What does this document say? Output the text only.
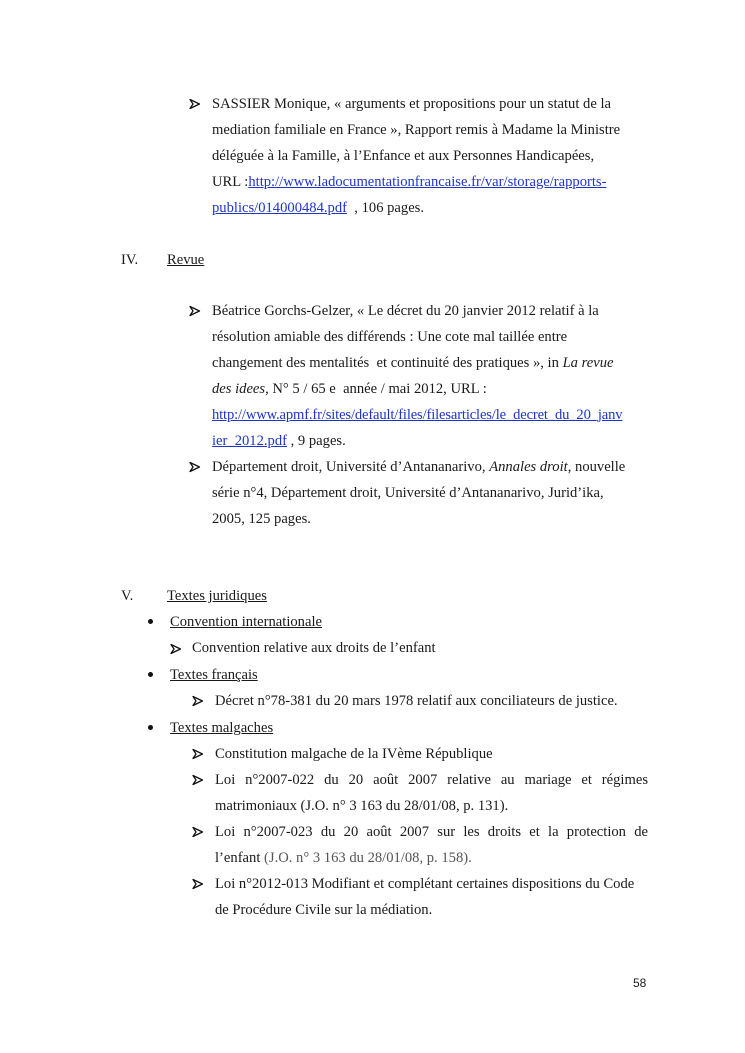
SASSIER Monique, « arguments et propositions pour un statut de la
mediation familiale en France », Rapport remis à Madame la Ministre
déléguée à la Famille, à l’Enfance et aux Personnes Handicapées,
URL :http://www.ladocumentationfrancaise.fr/var/storage/rapports-
publics/014000484.pdf  , 106 pages.
IV. Revue
Béatrice Gorchs-Gelzer, « Le décret du 20 janvier 2012 relatif à la
résolution amiable des différends : Une cote mal taillée entre
changement des mentalités  et continuité des pratiques », in La revue
des idees, N° 5 / 65 e  année / mai 2012, URL :
http://www.apmf.fr/sites/default/files/filesarticles/le_decret_du_20_janv
ier_2012.pdf , 9 pages.
Département droit, Université d’Antananarivo, Annales droit, nouvelle
série n°4, Département droit, Université d’Antananarivo, Jurid’ika,
2005, 125 pages.
V. Textes juridiques
Convention internationale
Convention relative aux droits de l’enfant
Textes français
Décret n°78-381 du 20 mars 1978 relatif aux conciliateurs de justice.
Textes malgaches
Constitution malgache de la IVème République
Loi n°2007-022 du 20 août 2007 relative au mariage et régimes
matrimoniaux (J.O. n° 3 163 du 28/01/08, p. 131).
Loi n°2007-023 du 20 août 2007 sur les droits et la protection de
l’enfant (J.O. n° 3 163 du 28/01/08, p. 158).
Loi n°2012-013 Modifiant et complétant certaines dispositions du Code
de Procédure Civile sur la médiation.
58
